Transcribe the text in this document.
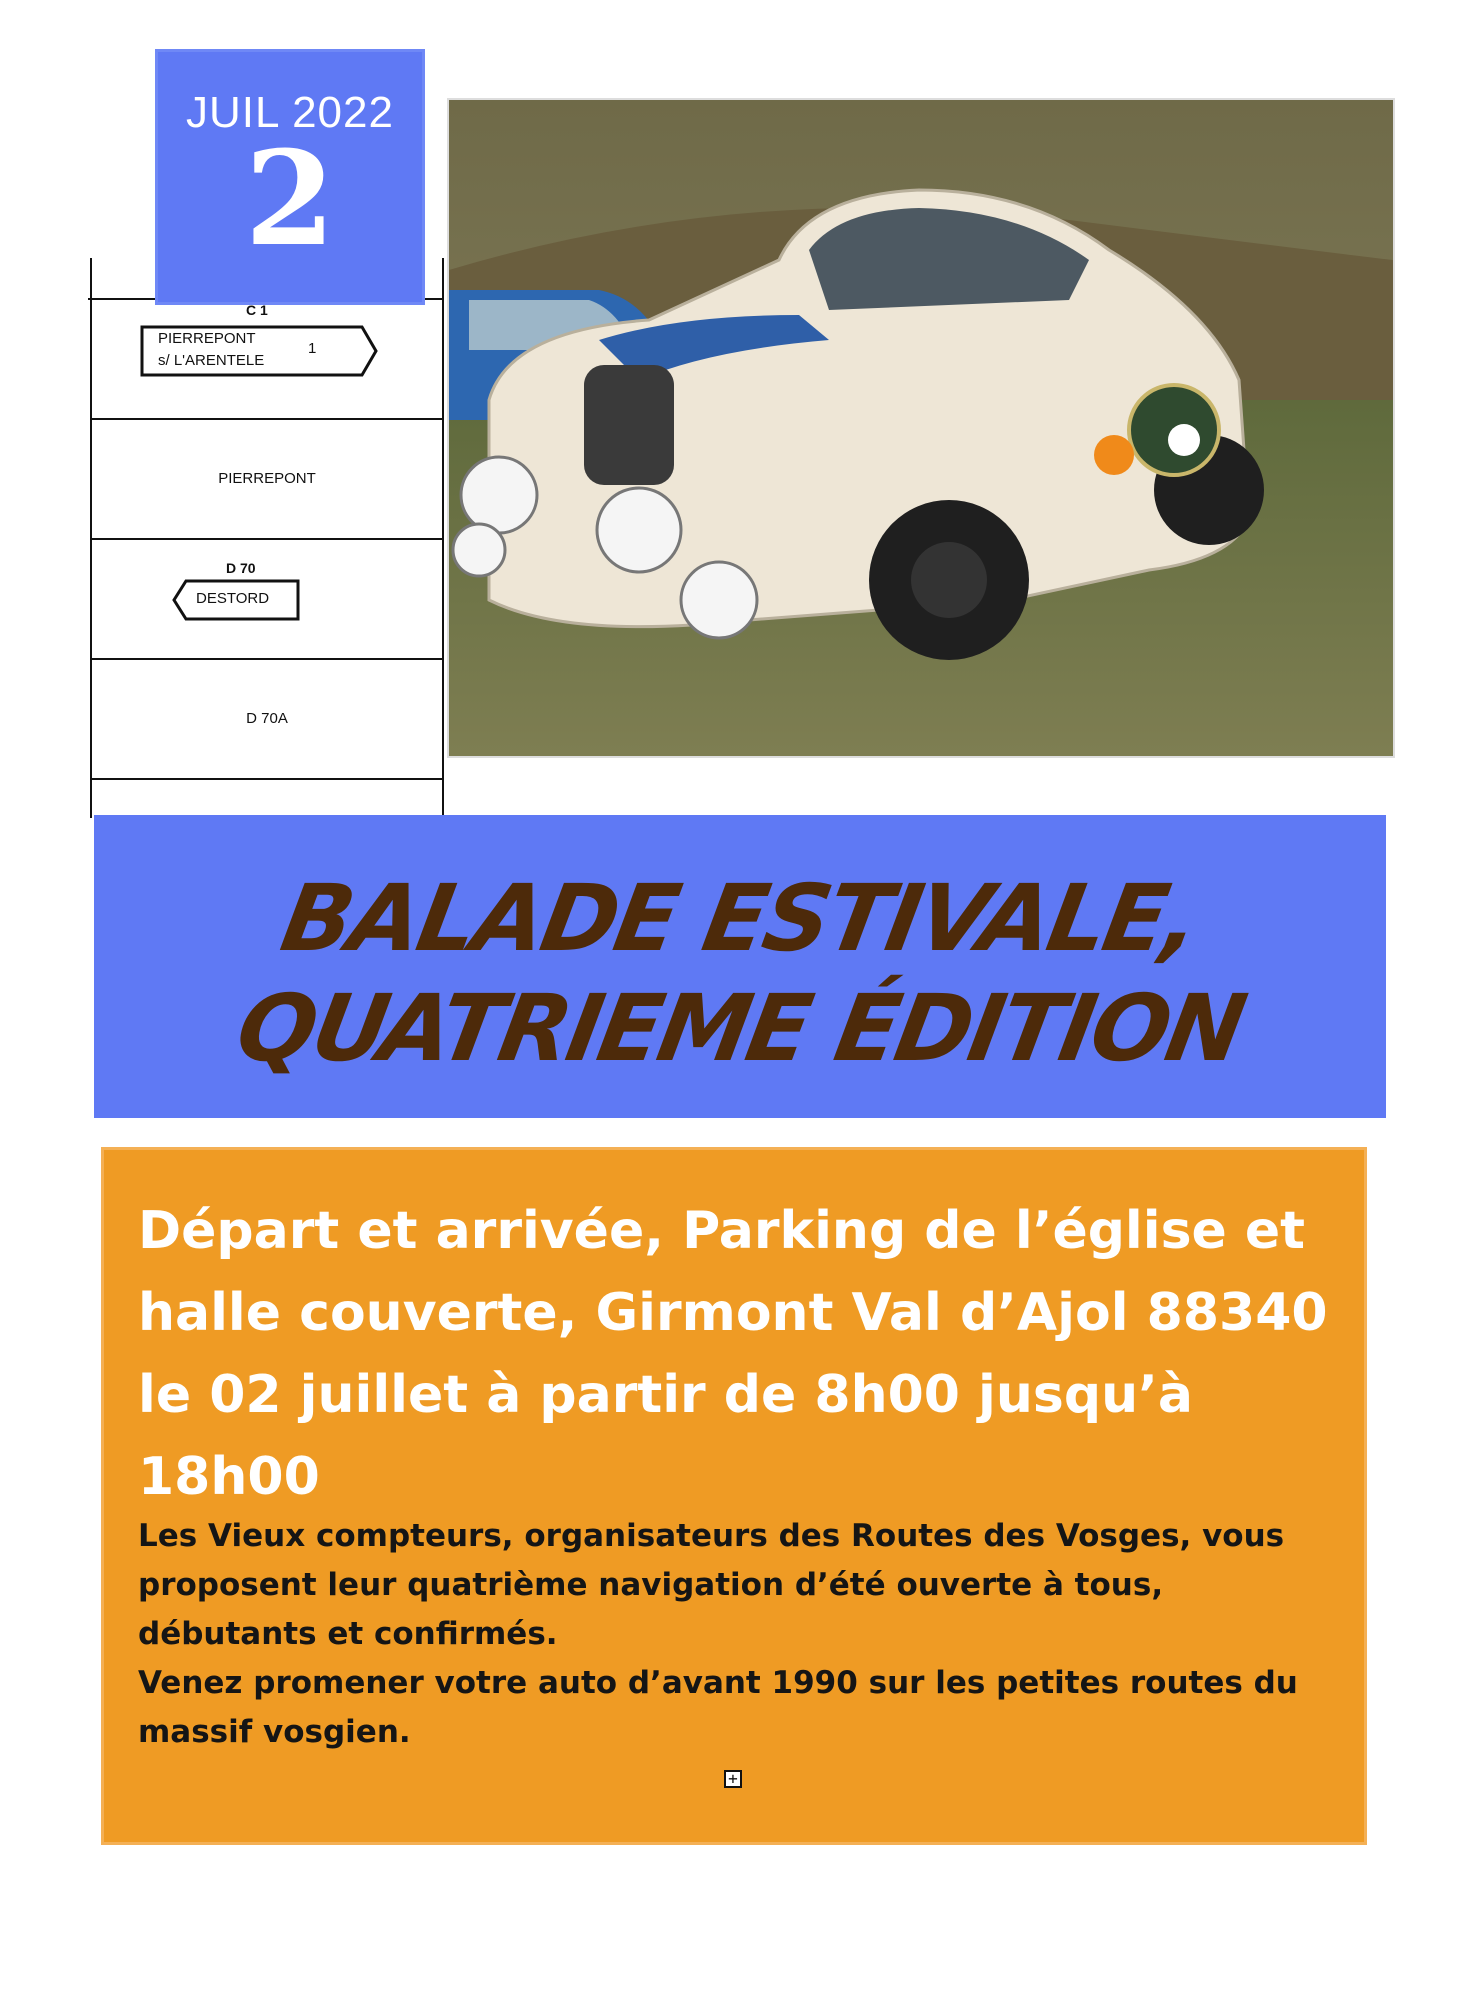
C 1
PIERREPONT
s/ L'ARENTELE
1
PIERREPONT
D 70
DESTORD
D 70A
JUIL 2022
2
BALADE ESTIVALE,
QUATRIEME ÉDITION
Départ et arrivée, Parking de l’église et halle couverte, Girmont Val d’Ajol 88340 le 02 juillet à partir de 8h00 jusqu’à 18h00
Les Vieux compteurs, organisateurs des Routes des Vosges, vous proposent leur quatrième navigation d’été ouverte à tous, débutants et confirmés.
Venez promener votre auto d’avant 1990 sur les petites routes du massif vosgien.
+
